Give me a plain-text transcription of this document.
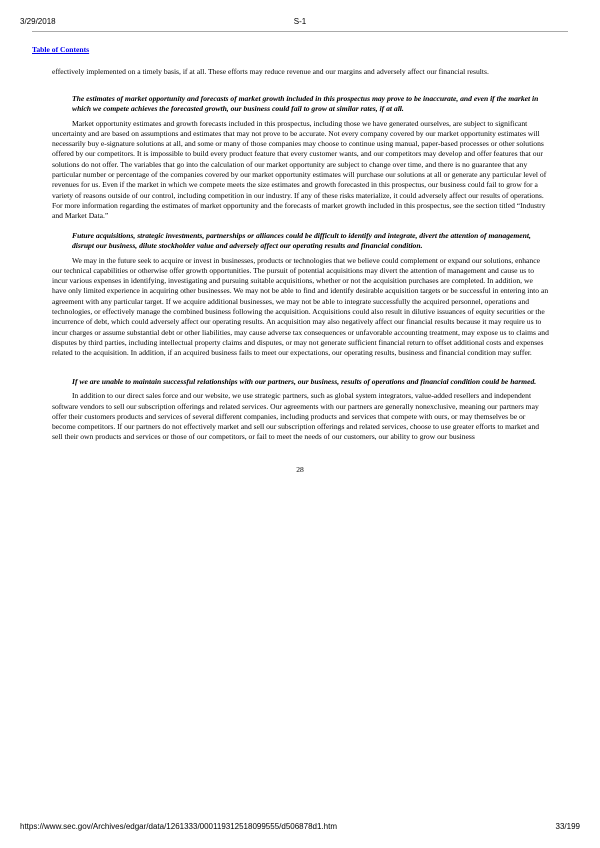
3/29/2018	S-1
Table of Contents

effectively implemented on a timely basis, if at all. These efforts may reduce revenue and our margins and adversely affect our financial results.

The estimates of market opportunity and forecasts of market growth included in this prospectus may prove to be inaccurate, and even if the market in which we compete achieves the forecasted growth, our business could fail to grow at similar rates, if at all.

Market opportunity estimates and growth forecasts included in this prospectus, including those we have generated ourselves, are subject to significant uncertainty and are based on assumptions and estimates that may not prove to be accurate. Not every company covered by our market opportunity estimates will necessarily buy e-signature solutions at all, and some or many of those companies may choose to continue using manual, paper-based processes or other solutions offered by our competitors. It is impossible to build every product feature that every customer wants, and our competitors may develop and offer features that our solutions do not offer. The variables that go into the calculation of our market opportunity are subject to change over time, and there is no guarantee that any particular number or percentage of the companies covered by our market opportunity estimates will purchase our solutions at all or generate any particular level of revenues for us. Even if the market in which we compete meets the size estimates and growth forecasted in this prospectus, our business could fail to grow for a variety of reasons outside of our control, including competition in our industry. If any of these risks materialize, it could adversely affect our results of operations. For more information regarding the estimates of market opportunity and the forecasts of market growth included in this prospectus, see the section titled “Industry and Market Data.”

Future acquisitions, strategic investments, partnerships or alliances could be difficult to identify and integrate, divert the attention of management, disrupt our business, dilute stockholder value and adversely affect our operating results and financial condition.

We may in the future seek to acquire or invest in businesses, products or technologies that we believe could complement or expand our solutions, enhance our technical capabilities or otherwise offer growth opportunities. The pursuit of potential acquisitions may divert the attention of management and cause us to incur various expenses in identifying, investigating and pursuing suitable acquisitions, whether or not the acquisition purchases are completed. In addition, we have only limited experience in acquiring other businesses. We may not be able to find and identify desirable acquisition targets or be successful in entering into an agreement with any particular target. If we acquire additional businesses, we may not be able to integrate successfully the acquired personnel, operations and technologies, or effectively manage the combined business following the acquisition. Acquisitions could also result in dilutive issuances of equity securities or the incurrence of debt, which could adversely affect our operating results. An acquisition may also negatively affect our financial results because it may require us to incur charges or assume substantial debt or other liabilities, may cause adverse tax consequences or unfavorable accounting treatment, may expose us to claims and disputes by third parties, including intellectual property claims and disputes, or may not generate sufficient financial return to offset additional costs and expenses related to the acquisition. In addition, if an acquired business fails to meet our expectations, our operating results, business and financial condition may suffer.

If we are unable to maintain successful relationships with our partners, our business, results of operations and financial condition could be harmed.

In addition to our direct sales force and our website, we use strategic partners, such as global system integrators, value-added resellers and independent software vendors to sell our subscription offerings and related services. Our agreements with our partners are generally nonexclusive, meaning our partners may offer their customers products and services of several different companies, including products and services that compete with ours, or may themselves be or become competitors. If our partners do not effectively market and sell our subscription offerings and related services, choose to use greater efforts to market and sell their own products and services or those of our competitors, or fail to meet the needs of our customers, our ability to grow our business

28
https://www.sec.gov/Archives/edgar/data/1261333/000119312518099555/d506878d1.htm	33/199
